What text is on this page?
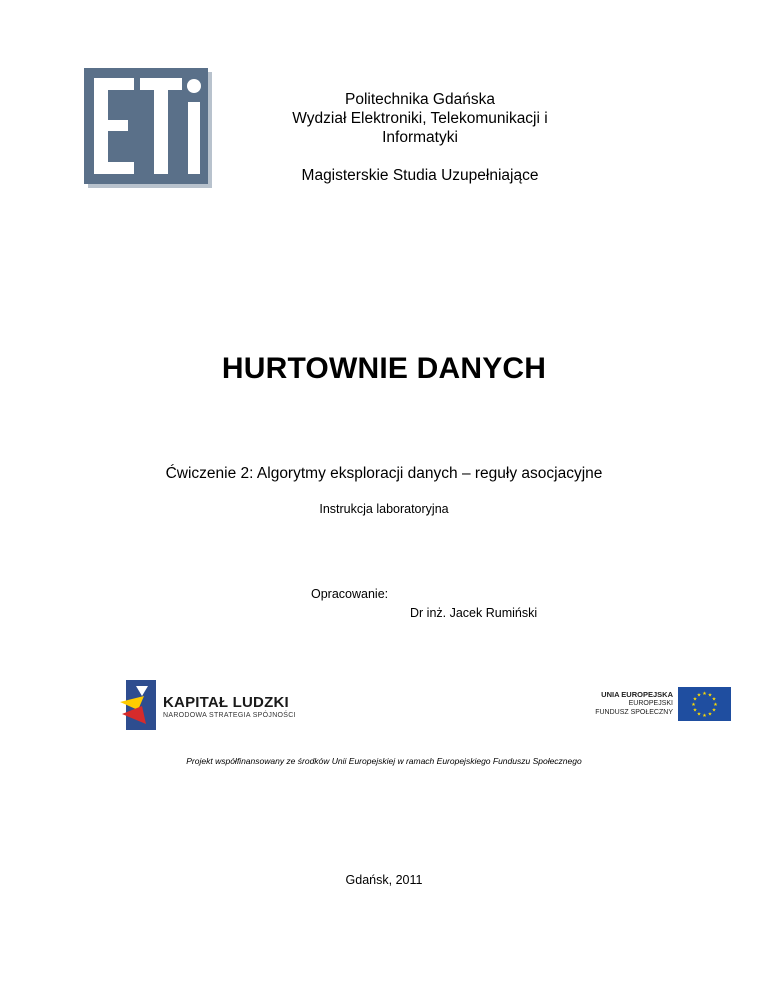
Politechnika Gdańska
Wydział Elektroniki, Telekomunikacji i
Informatyki
Magisterskie Studia Uzupełniające
HURTOWNIE DANYCH
Ćwiczenie 2: Algorytmy eksploracji danych – reguły asocjacyjne
Instrukcja laboratoryjna
Opracowanie:
Dr inż. Jacek Rumiński
KAPITAŁ LUDZKI
NARODOWA STRATEGIA SPÓJNOŚCI
UNIA EUROPEJSKA
EUROPEJSKI
FUNDUSZ SPOŁECZNY
★ ★
★
★
★
★
★
★
★
★
★
★
Projekt współfinansowany ze środków Unii Europejskiej w ramach Europejskiego Funduszu Społecznego
Gdańsk, 2011
